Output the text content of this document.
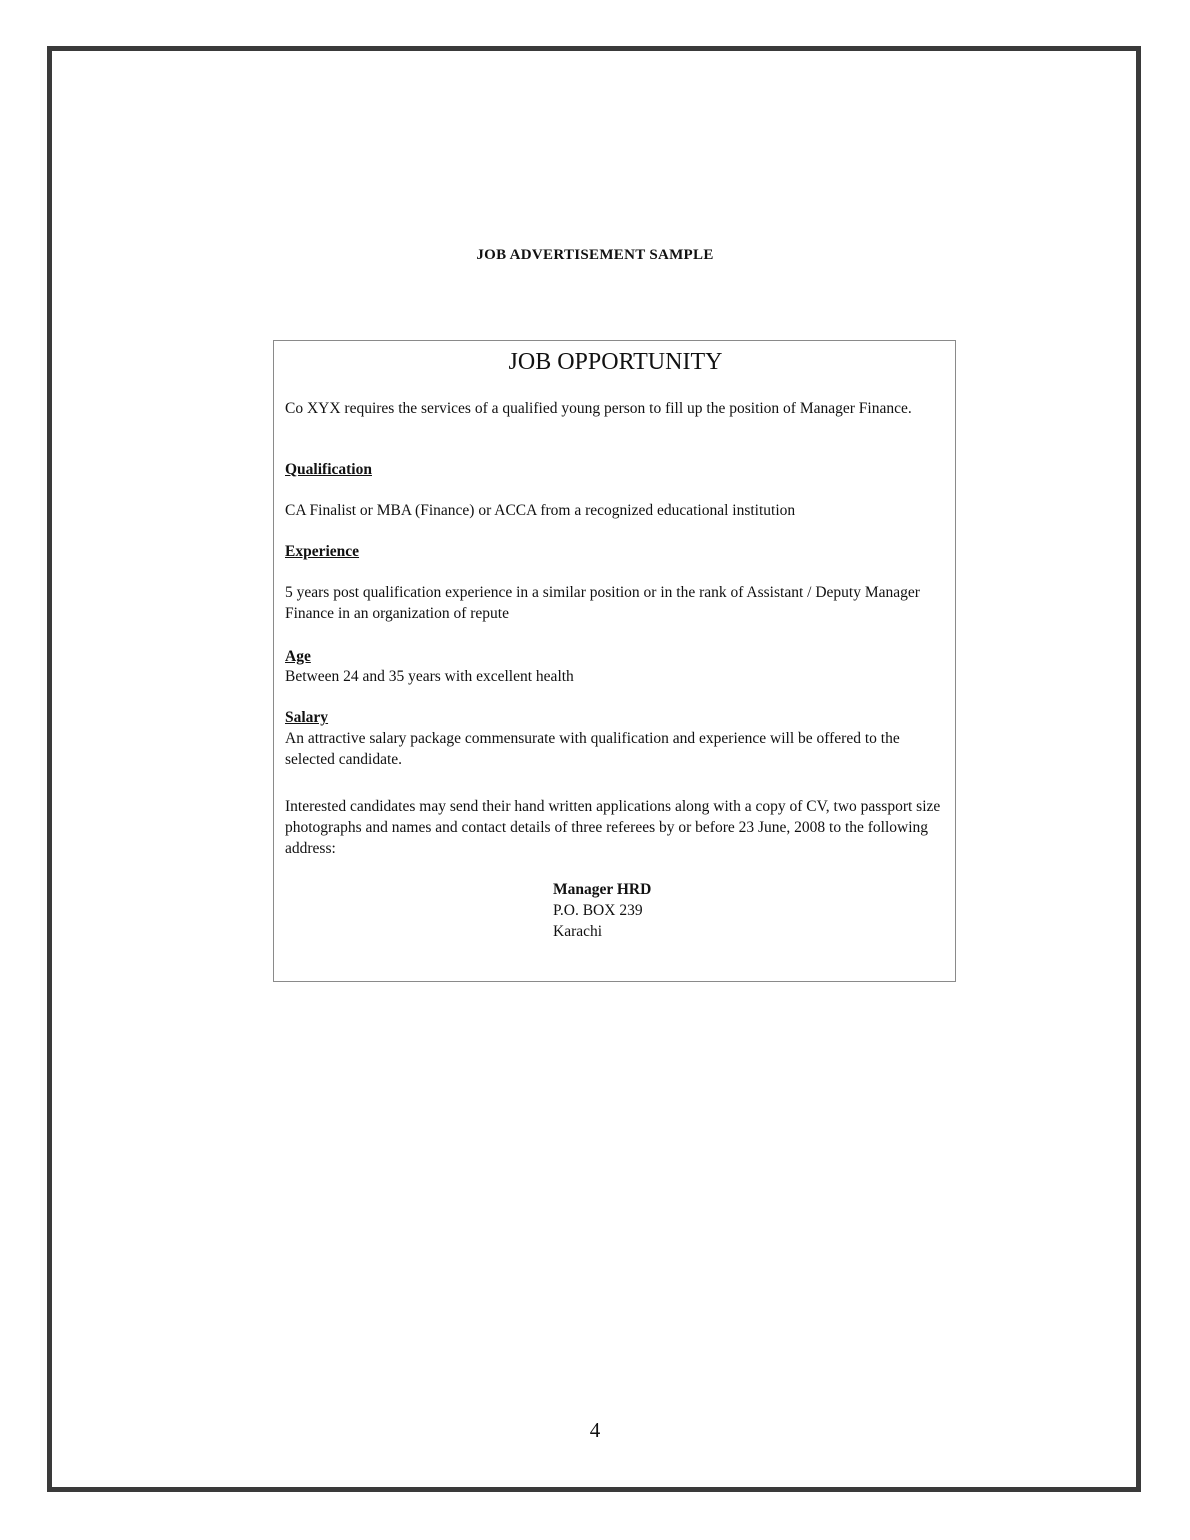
JOB ADVERTISEMENT SAMPLE
JOB OPPORTUNITY

Co XYX requires the services of a qualified young person to fill up the position of Manager Finance.

Qualification

CA Finalist or MBA (Finance) or ACCA from a recognized educational institution

Experience

5 years post qualification experience in a similar position or in the rank of Assistant / Deputy Manager Finance in an organization of repute

Age

Between 24 and 35 years with excellent health

Salary

An attractive salary package commensurate with qualification and experience will be offered to the selected candidate.

Interested candidates may send their hand written applications along with a copy of CV, two passport size photographs and names and contact details of three referees by or before 23 June, 2008 to the following address:

Manager HRD
P.O. BOX 239
Karachi
4
